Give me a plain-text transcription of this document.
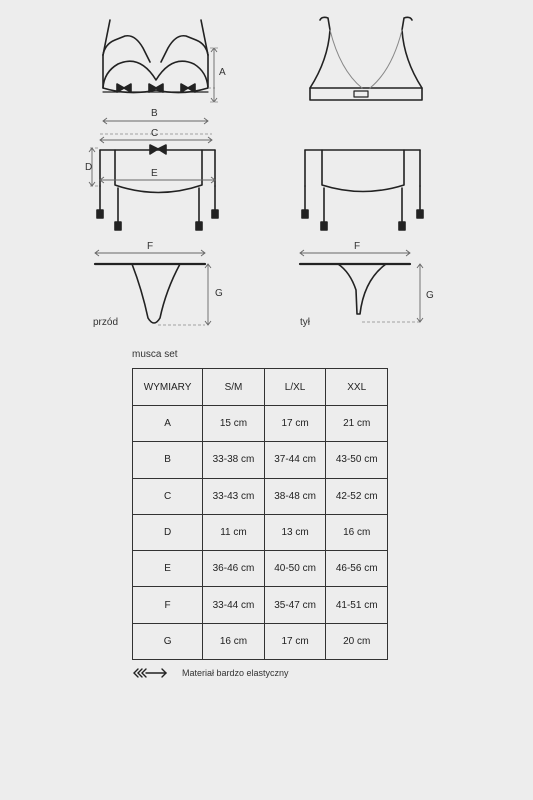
A
B
C
D
E
F
G
F
G
przód	tył
musca set
WYMIARY	S/M	L/XL	XXL
A	15 cm	17 cm	21 cm
B	33-38 cm	37-44 cm	43-50 cm
C	33-43 cm	38-48 cm	42-52 cm
D	11 cm	13 cm	16 cm
E	36-46 cm	40-50 cm	46-56 cm
F	33-44 cm	35-47 cm	41-51 cm
G	16 cm	17 cm	20 cm
Materiał bardzo elastyczny
